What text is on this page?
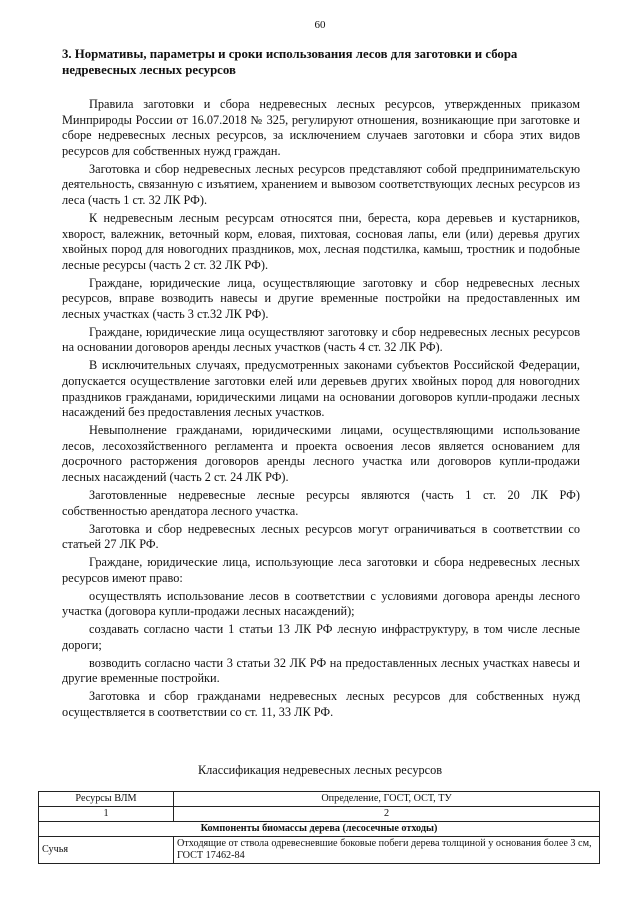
60
3. Нормативы, параметры и сроки использования лесов для заготовки и сбора недревесных лесных ресурсов

Правила заготовки и сбора недревесных лесных ресурсов, утвержденных приказом Минприроды России от 16.07.2018 № 325, регулируют отношения, возникающие при заготовке и сборе недревесных лесных ресурсов, за исключением случаев заготовки и сбора этих видов ресурсов для собственных нужд граждан.

Заготовка и сбор недревесных лесных ресурсов представляют собой предпринимательскую деятельность, связанную с изъятием, хранением и вывозом соответствующих лесных ресурсов из леса (часть 1 ст. 32 ЛК РФ).

К недревесным лесным ресурсам относятся пни, береста, кора деревьев и кустарников, хворост, валежник, веточный корм, еловая, пихтовая, сосновая лапы, ели (или) деревья других хвойных пород для новогодних праздников, мох, лесная подстилка, камыш, тростник и подобные лесные ресурсы (часть 2 ст. 32 ЛК РФ).

Граждане, юридические лица, осуществляющие заготовку и сбор недревесных лесных ресурсов, вправе возводить навесы и другие временные постройки на предоставленных им лесных участках (часть 3 ст.32 ЛК РФ).

Граждане, юридические лица осуществляют заготовку и сбор недревесных лесных ресурсов на основании договоров аренды лесных участков (часть 4 ст. 32 ЛК РФ).

В исключительных случаях, предусмотренных законами субъектов Российской Федерации, допускается осуществление заготовки елей или деревьев других хвойных пород для новогодних праздников гражданами, юридическими лицами на основании договоров купли-продажи лесных насаждений без предоставления лесных участков.

Невыполнение гражданами, юридическими лицами, осуществляющими использование лесов, лесохозяйственного регламента и проекта освоения лесов является основанием для досрочного расторжения договоров аренды лесного участка или договоров купли-продажи лесных насаждений (часть 2 ст. 24 ЛК РФ).

Заготовленные недревесные лесные ресурсы являются (часть 1 ст. 20 ЛК РФ) собственностью арендатора лесного участка.

Заготовка и сбор недревесных лесных ресурсов могут ограничиваться в соответствии со статьей 27 ЛК РФ.

Граждане, юридические лица, использующие леса заготовки и сбора недревесных лесных ресурсов имеют право:

осуществлять использование лесов в соответствии с условиями договора аренды лесного участка (договора купли-продажи лесных насаждений);

создавать согласно части 1 статьи 13 ЛК РФ лесную инфраструктуру, в том числе лесные дороги;

возводить согласно части 3 статьи 32 ЛК РФ на предоставленных лесных участках навесы и другие временные постройки.

Заготовка и сбор гражданами недревесных лесных ресурсов для собственных нужд осуществляется в соответствии со ст. 11, 33 ЛК РФ.

Классификация недревесных лесных ресурсов
Ресурсы ВЛМ	Определение, ГОСТ, ОСТ, ТУ
1	2
Компоненты биомассы дерева (лесосечные отходы)	
Сучья	Отходящие от ствола одревесневшие боковые побеги дерева толщиной у основания более 3 см, ГОСТ 17462-84
